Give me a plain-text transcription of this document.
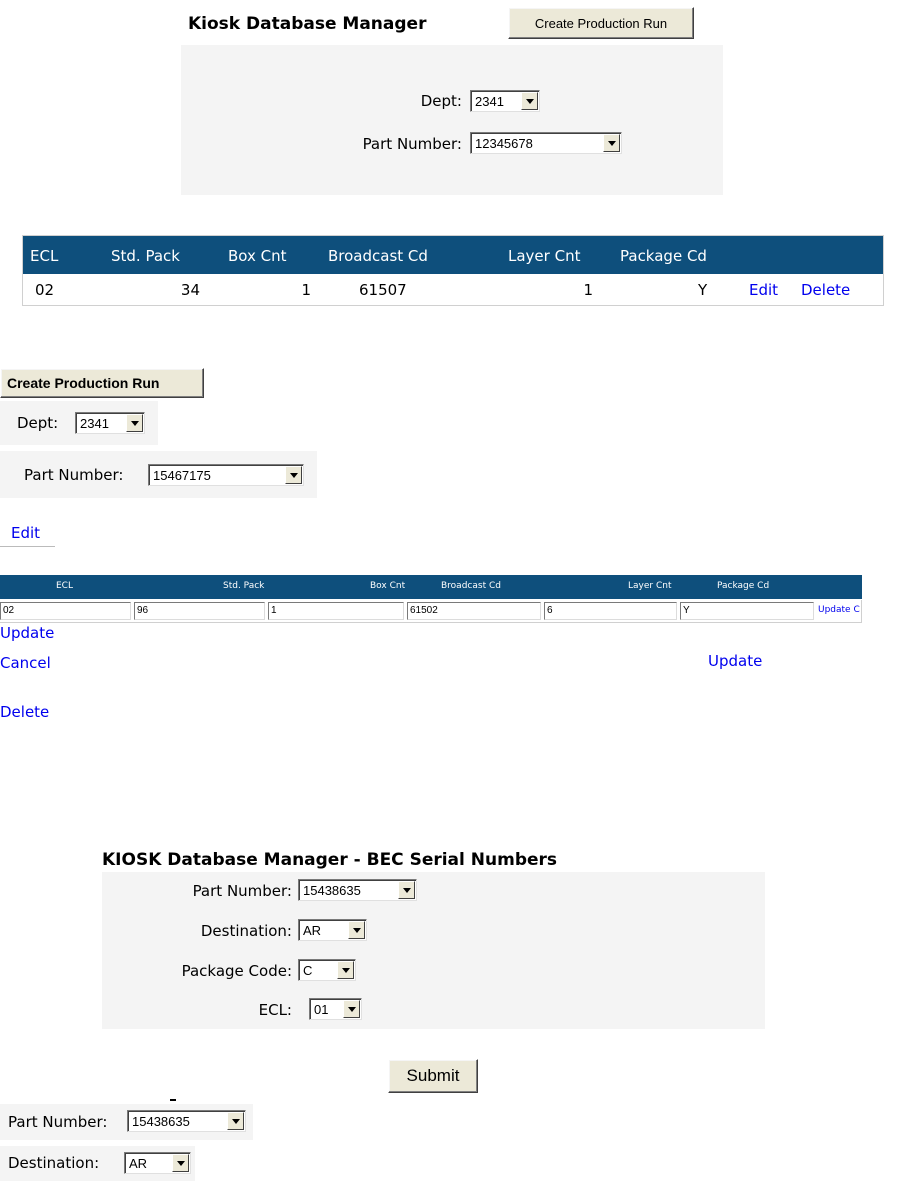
Kiosk Database Manager	Create Production Run
Dept: 2341
Part Number: 12345678
ECL	Std. Pack	Box Cnt	Broadcast Cd	Layer Cnt	Package Cd
02	34	1	61507	1	Y	Edit Delete
Create Production Run
Dept: 2341
Part Number: 15467175
Edit
ECL	Std. Pack	Box Cnt	Broadcast Cd	Layer Cnt	Package Cd
02	96	1	61502	6	Y	Update C
Update
Cancel	Update
Delete
KIOSK Database Manager - BEC Serial Numbers
Part Number: 15438635
Destination: AR
Package Code: C
ECL: 01
Submit
Part Number: 15438635
Destination: AR
